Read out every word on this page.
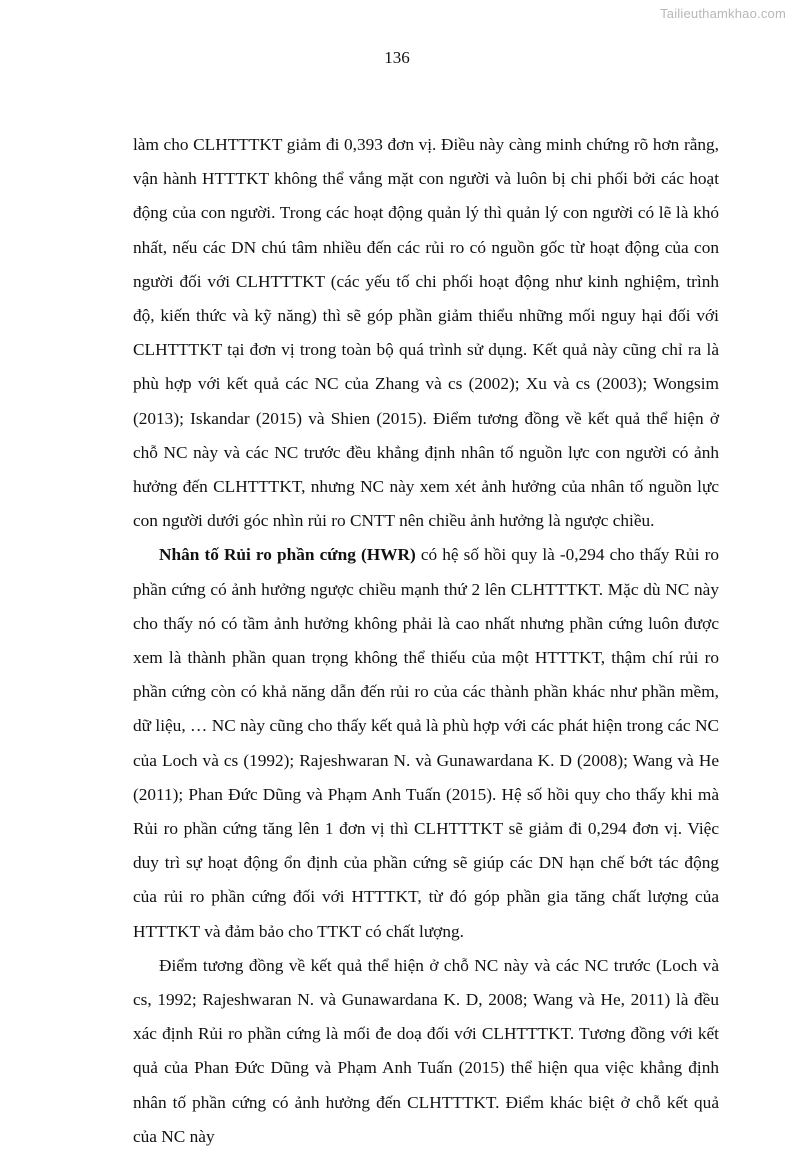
Tailieuthamkhao.com
136

làm cho CLHTTTKT giảm đi 0,393 đơn vị. Điều này càng minh chứng rõ hơn rằng, vận hành HTTTKT không thể vắng mặt con người và luôn bị chi phối bởi các hoạt động của con người. Trong các hoạt động quản lý thì quản lý con người có lẽ là khó nhất, nếu các DN chú tâm nhiều đến các rủi ro có nguồn gốc từ hoạt động của con người đối với CLHTTTKT (các yếu tố chi phối hoạt động như kinh nghiệm, trình độ, kiến thức và kỹ năng) thì sẽ góp phần giảm thiểu những mối nguy hại đối với CLHTTTKT tại đơn vị trong toàn bộ quá trình sử dụng. Kết quả này cũng chỉ ra là phù hợp với kết quả các NC của Zhang và cs (2002); Xu và cs (2003); Wongsim (2013); Iskandar (2015) và Shien (2015). Điểm tương đồng về kết quả thể hiện ở chỗ NC này và các NC trước đều khẳng định nhân tố nguồn lực con người có ảnh hưởng đến CLHTTTKT, nhưng NC này xem xét ảnh hưởng của nhân tố nguồn lực con người dưới góc nhìn rủi ro CNTT nên chiều ảnh hưởng là ngược chiều.

Nhân tố Rủi ro phần cứng (HWR) có hệ số hồi quy là -0,294 cho thấy Rủi ro phần cứng có ảnh hưởng ngược chiều mạnh thứ 2 lên CLHTTTKT. Mặc dù NC này cho thấy nó có tầm ảnh hưởng không phải là cao nhất nhưng phần cứng luôn được xem là thành phần quan trọng không thể thiếu của một HTTTKT, thậm chí rủi ro phần cứng còn có khả năng dẫn đến rủi ro của các thành phần khác như phần mềm, dữ liệu, … NC này cũng cho thấy kết quả là phù hợp với các phát hiện trong các NC của Loch và cs (1992); Rajeshwaran N. và Gunawardana K. D (2008); Wang và He (2011); Phan Đức Dũng và Phạm Anh Tuấn (2015). Hệ số hồi quy cho thấy khi mà Rủi ro phần cứng tăng lên 1 đơn vị thì CLHTTTKT sẽ giảm đi 0,294 đơn vị. Việc duy trì sự hoạt động ổn định của phần cứng sẽ giúp các DN hạn chế bớt tác động của rủi ro phần cứng đối với HTTTKT, từ đó góp phần gia tăng chất lượng của HTTTKT và đảm bảo cho TTKT có chất lượng.

Điểm tương đồng về kết quả thể hiện ở chỗ NC này và các NC trước (Loch và cs, 1992; Rajeshwaran N. và Gunawardana K. D, 2008; Wang và He, 2011) là đều xác định Rủi ro phần cứng là mối đe doạ đối với CLHTTTKT. Tương đồng với kết quả của Phan Đức Dũng và Phạm Anh Tuấn (2015) thể hiện qua việc khẳng định nhân tố phần cứng có ảnh hưởng đến CLHTTTKT. Điểm khác biệt ở chỗ kết quả của NC này
